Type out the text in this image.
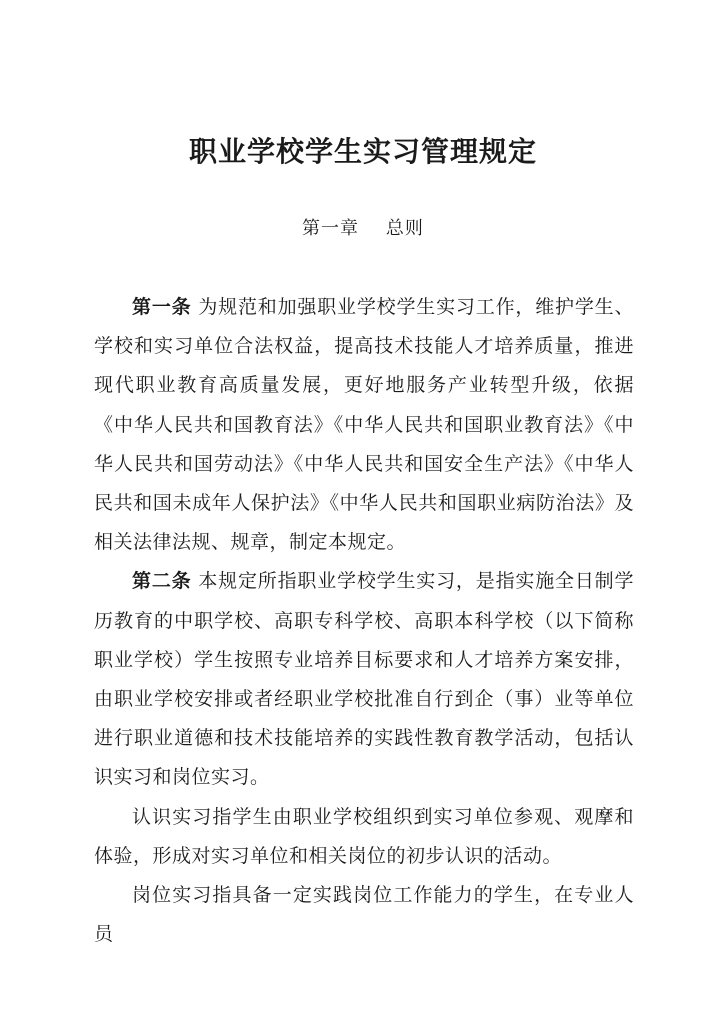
职业学校学生实习管理规定
第一章    总则

第一条 为规范和加强职业学校学生实习工作，维护学生、学校和实习单位合法权益，提高技术技能人才培养质量，推进现代职业教育高质量发展，更好地服务产业转型升级，依据《中华人民共和国教育法》《中华人民共和国职业教育法》《中华人民共和国劳动法》《中华人民共和国安全生产法》《中华人民共和国未成年人保护法》《中华人民共和国职业病防治法》及相关法律法规、规章，制定本规定。

第二条 本规定所指职业学校学生实习，是指实施全日制学历教育的中职学校、高职专科学校、高职本科学校（以下简称职业学校）学生按照专业培养目标要求和人才培养方案安排，由职业学校安排或者经职业学校批准自行到企（事）业等单位进行职业道德和技术技能培养的实践性教育教学活动，包括认识实习和岗位实习。

认识实习指学生由职业学校组织到实习单位参观、观摩和体验，形成对实习单位和相关岗位的初步认识的活动。

岗位实习指具备一定实践岗位工作能力的学生，在专业人员
